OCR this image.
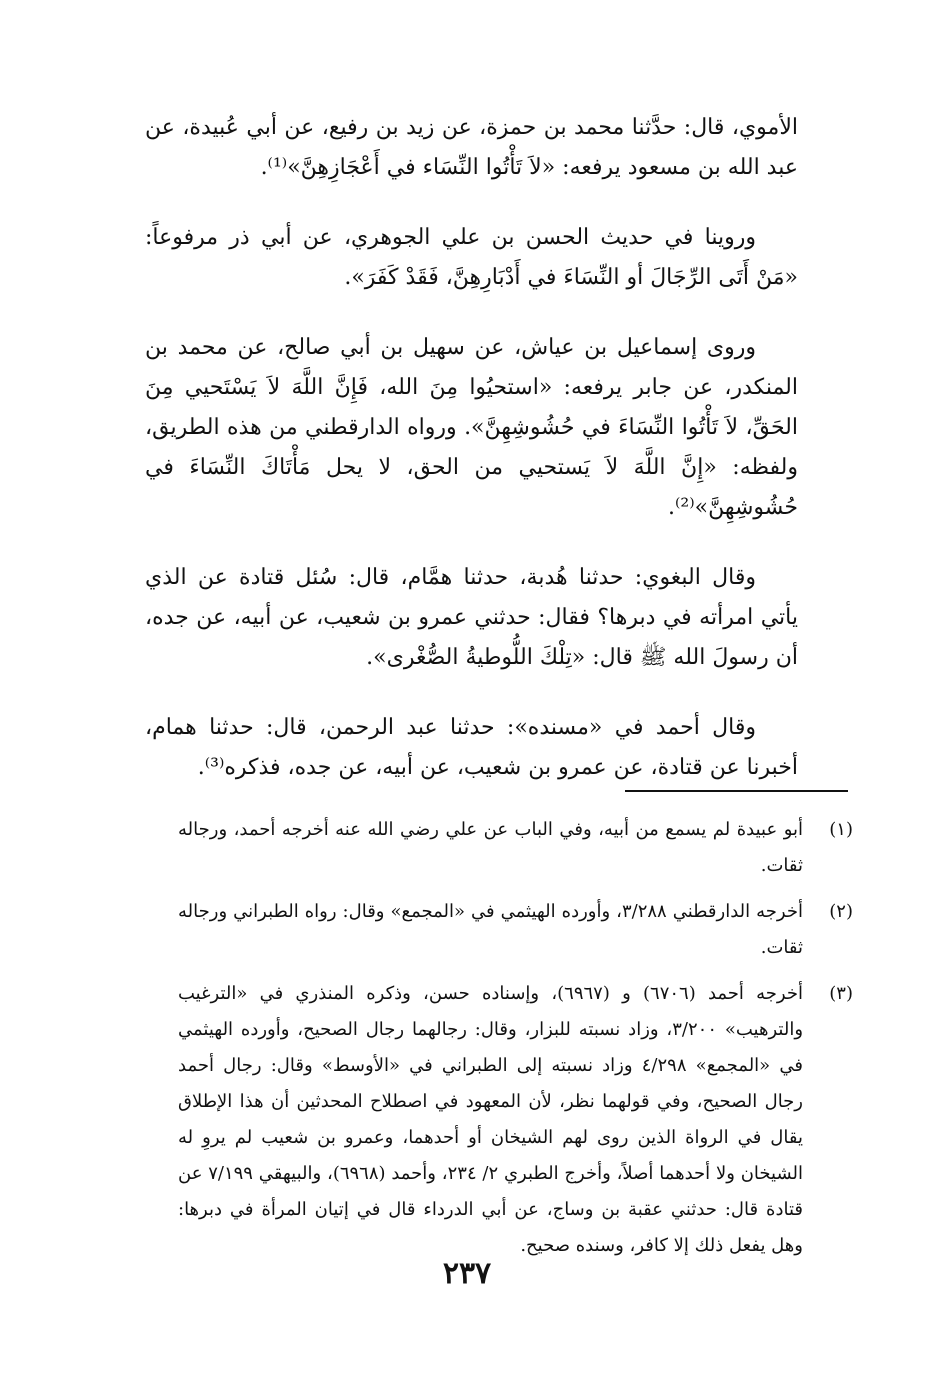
الأموي، قال: حدَّثنا محمد بن حمزة، عن زيد بن رفيع، عن أبي عُبيدة، عن عبد الله بن مسعود يرفعه: «لاَ تَأْتُوا النِّسَاء في أَعْجَازِهِنَّ»⁽¹⁾.

وروينا في حديث الحسن بن علي الجوهري، عن أبي ذر مرفوعاً: «مَنْ أَتَى الرِّجَالَ أو النِّسَاءَ في أَدْبَارِهِنَّ، فَقَدْ كَفَرَ».

وروى إسماعيل بن عياش، عن سهيل بن أبي صالح، عن محمد بن المنكدر، عن جابر يرفعه: «استحيُوا مِنَ الله، فَإِنَّ اللَّهَ لاَ يَسْتَحيي مِنَ الحَقِّ، لاَ تَأْتُوا النِّسَاءَ في حُشُوشِهِنَّ». ورواه الدارقطني من هذه الطريق، ولفظه: «إِنَّ اللَّهَ لاَ يَستحيي من الحق، لا يحل مَأْتَاكَ النِّسَاءَ في حُشُوشِهِنَّ»⁽²⁾.

وقال البغوي: حدثنا هُدبة، حدثنا همَّام، قال: سُئل قتادة عن الذي يأتي امرأته في دبرها؟ فقال: حدثني عمرو بن شعيب، عن أبيه، عن جده، أن رسولَ الله ﷺ قال: «تِلْكَ اللُّوطيةُ الصُّغْرى».

وقال أحمد في «مسنده»: حدثنا عبد الرحمن، قال: حدثنا همام، أخبرنا عن قتادة، عن عمرو بن شعيب، عن أبيه، عن جده، فذكره⁽³⁾.

(١)
أبو عبيدة لم يسمع من أبيه، وفي الباب عن علي رضي الله عنه أخرجه أحمد، ورجاله ثقات.
(٢)
أخرجه الدارقطني ٣/٢٨٨، وأورده الهيثمي في «المجمع» وقال: رواه الطبراني ورجاله ثقات.
(٣)
أخرجه أحمد (٦٧٠٦) و (٦٩٦٧)، وإسناده حسن، وذكره المنذري في «الترغيب والترهيب» ٣/٢٠٠، وزاد نسبته للبزار، وقال: رجالهما رجال الصحيح، وأورده الهيثمي في «المجمع» ٤/٢٩٨ وزاد نسبته إلى الطبراني في «الأوسط» وقال: رجال أحمد رجال الصحيح، وفي قولهما نظر، لأن المعهود في اصطلاح المحدثين أن هذا الإطلاق يقال في الرواة الذين روى لهم الشيخان أو أحدهما، وعمرو بن شعيب لم يروِ له الشيخان ولا أحدهما أصلاً، وأخرج الطبري ٢/ ٢٣٤، وأحمد (٦٩٦٨)، والبيهقي ٧/١٩٩ عن قتادة قال: حدثني عقبة بن وساج، عن أبي الدرداء قال في إتيان المرأة في دبرها: وهل يفعل ذلك إلا كافر، وسنده صحيح.
٢٣٧
